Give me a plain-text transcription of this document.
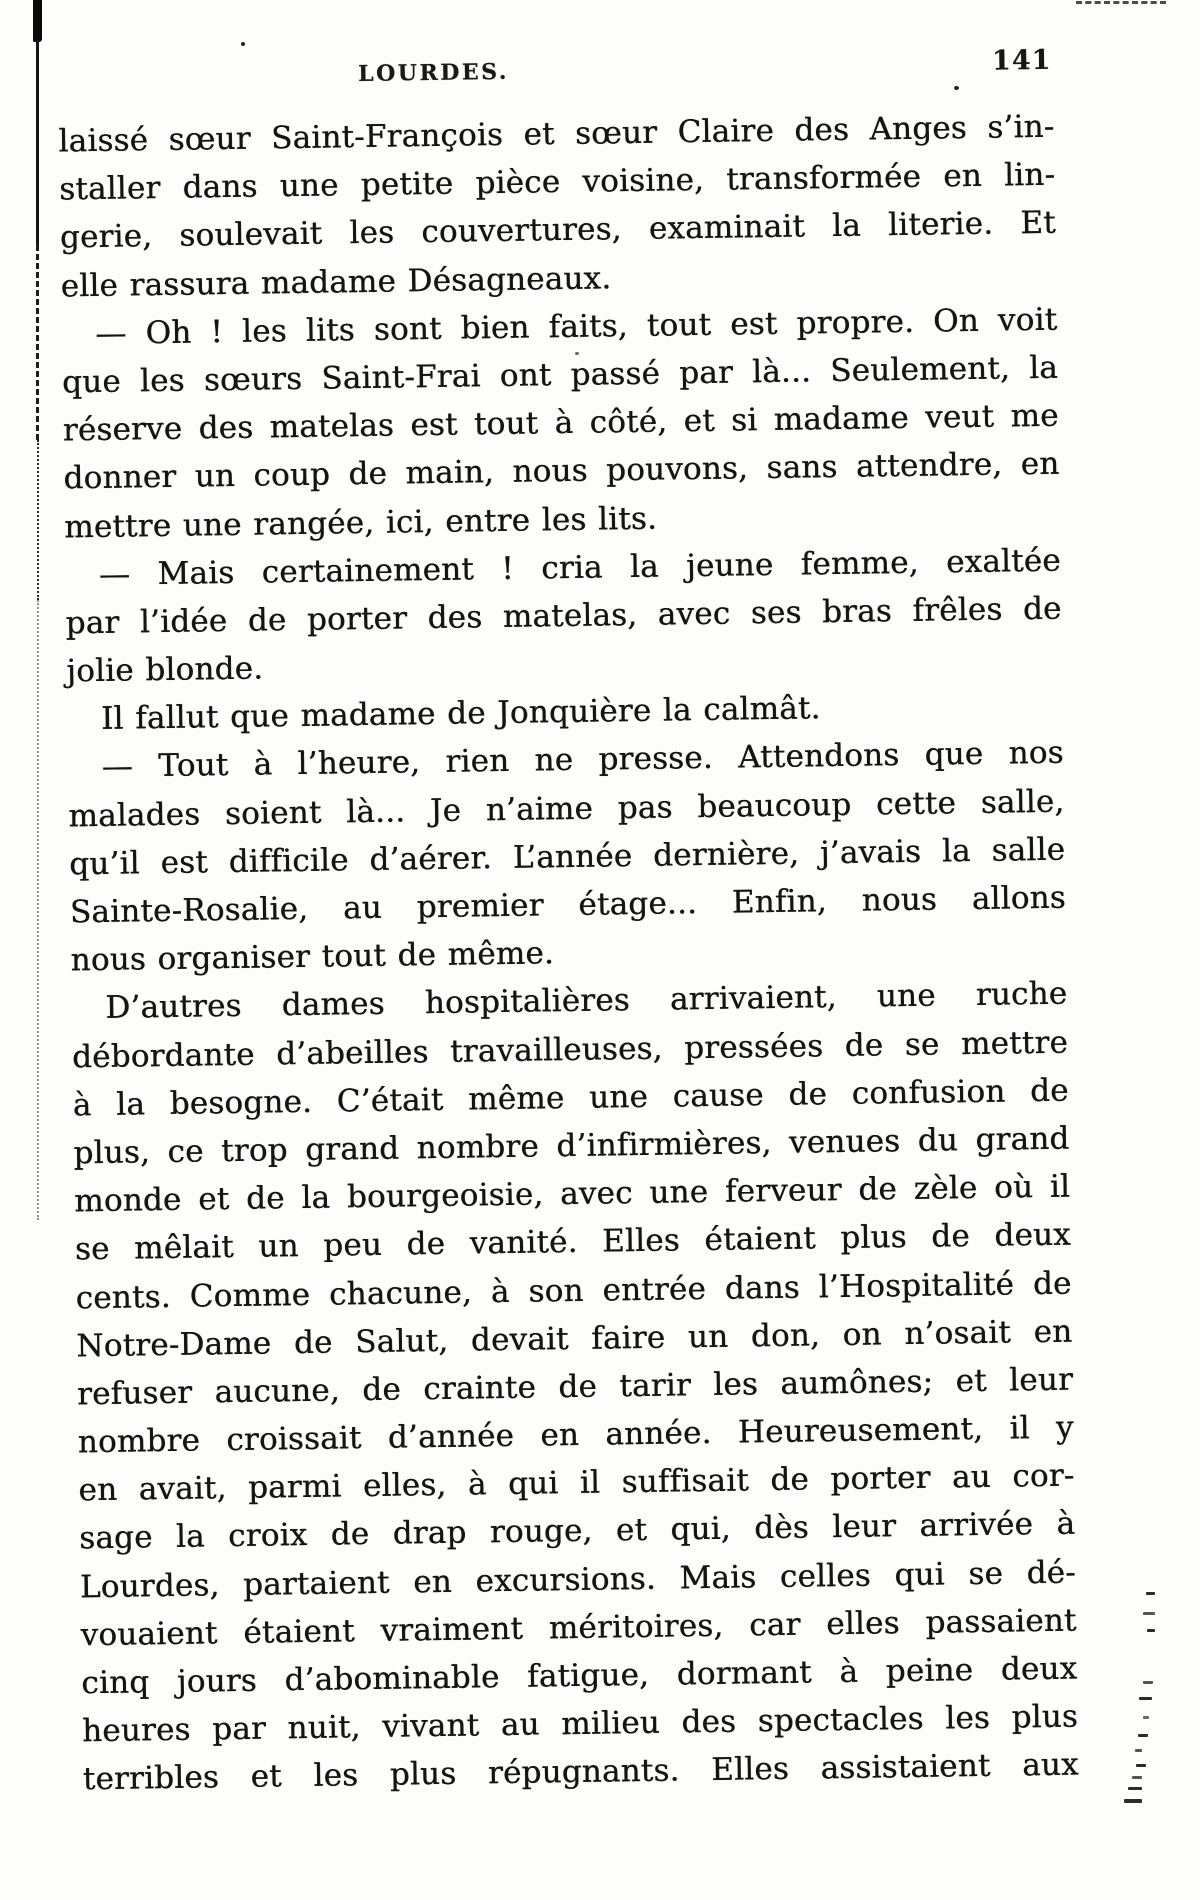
LOURDES.	141
laissé sœur Saint-François et sœur Claire des Anges s’in-
staller dans une petite pièce voisine, transformée en lin-
gerie, soulevait les couvertures, examinait la literie. Et
elle rassura madame Désagneaux.
— Oh ! les lits sont bien faits, tout est propre. On voit
que les sœurs Saint-Frai ont passé par là... Seulement, la
réserve des matelas est tout à côté, et si madame veut me
donner un coup de main, nous pouvons, sans attendre, en
mettre une rangée, ici, entre les lits.
— Mais certainement ! cria la jeune femme, exaltée
par l’idée de porter des matelas, avec ses bras frêles de
jolie blonde.
Il fallut que madame de Jonquière la calmât.
— Tout à l’heure, rien ne presse. Attendons que nos
malades soient là... Je n’aime pas beaucoup cette salle,
qu’il est difficile d’aérer. L’année dernière, j’avais la salle
Sainte-Rosalie, au premier étage... Enfin, nous allons
nous organiser tout de même.
D’autres dames hospitalières arrivaient, une ruche
débordante d’abeilles travailleuses, pressées de se mettre
à la besogne. C’était même une cause de confusion de
plus, ce trop grand nombre d’infirmières, venues du grand
monde et de la bourgeoisie, avec une ferveur de zèle où il
se mêlait un peu de vanité. Elles étaient plus de deux
cents. Comme chacune, à son entrée dans l’Hospitalité de
Notre-Dame de Salut, devait faire un don, on n’osait en
refuser aucune, de crainte de tarir les aumônes; et leur
nombre croissait d’année en année. Heureusement, il y
en avait, parmi elles, à qui il suffisait de porter au cor-
sage la croix de drap rouge, et qui, dès leur arrivée à
Lourdes, partaient en excursions. Mais celles qui se dé-
vouaient étaient vraiment méritoires, car elles passaient
cinq jours d’abominable fatigue, dormant à peine deux
heures par nuit, vivant au milieu des spectacles les plus
terribles et les plus répugnants. Elles assistaient aux
